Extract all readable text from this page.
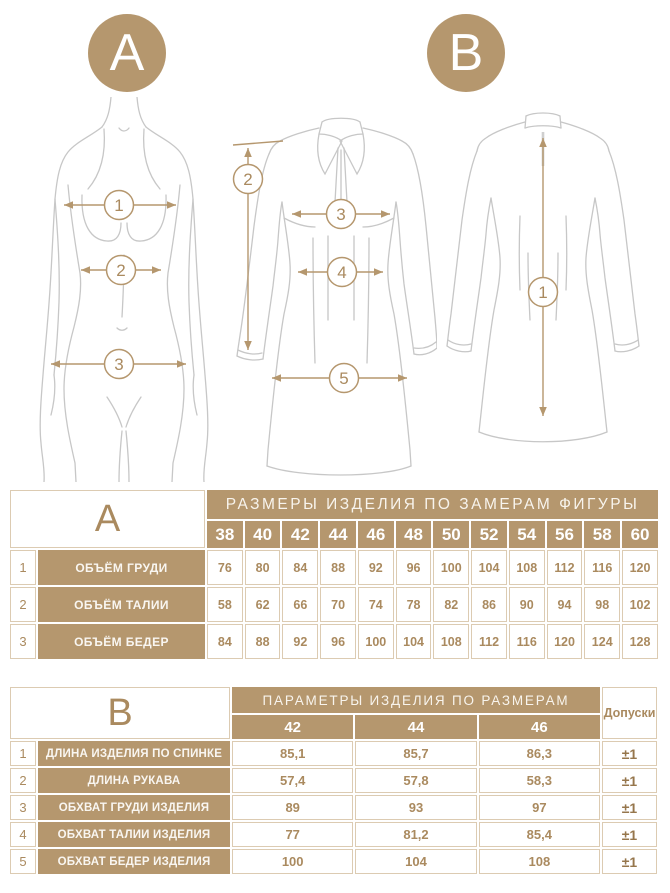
A	B
1
2
3
2
3
4
5
1
A		РАЗМЕРЫ ИЗДЕЛИЯ ПО ЗАМЕРАМ ФИГУРЫ											
		38	40	42	44	46	48	50	52	54	56	58	60
1	ОБЪЁМ ГРУДИ	76	80	84	88	92	96	100	104	108	112	116	120
2	ОБЪЁМ ТАЛИИ	58	62	66	70	74	78	82	86	90	94	98	102
3	ОБЪЁМ БЕДЕР	84	88	92	96	100	104	108	112	116	120	124	128
B		ПАРАМЕТРЫ ИЗДЕЛИЯ ПО РАЗМЕРАМ			Допуски
		42	44	46	
1	ДЛИНА ИЗДЕЛИЯ ПО СПИНКЕ	85,1	85,7	86,3	±1
2	ДЛИНА РУКАВА	57,4	57,8	58,3	±1
3	ОБХВАТ ГРУДИ ИЗДЕЛИЯ	89	93	97	±1
4	ОБХВАТ ТАЛИИ ИЗДЕЛИЯ	77	81,2	85,4	±1
5	ОБХВАТ БЕДЕР ИЗДЕЛИЯ	100	104	108	±1
